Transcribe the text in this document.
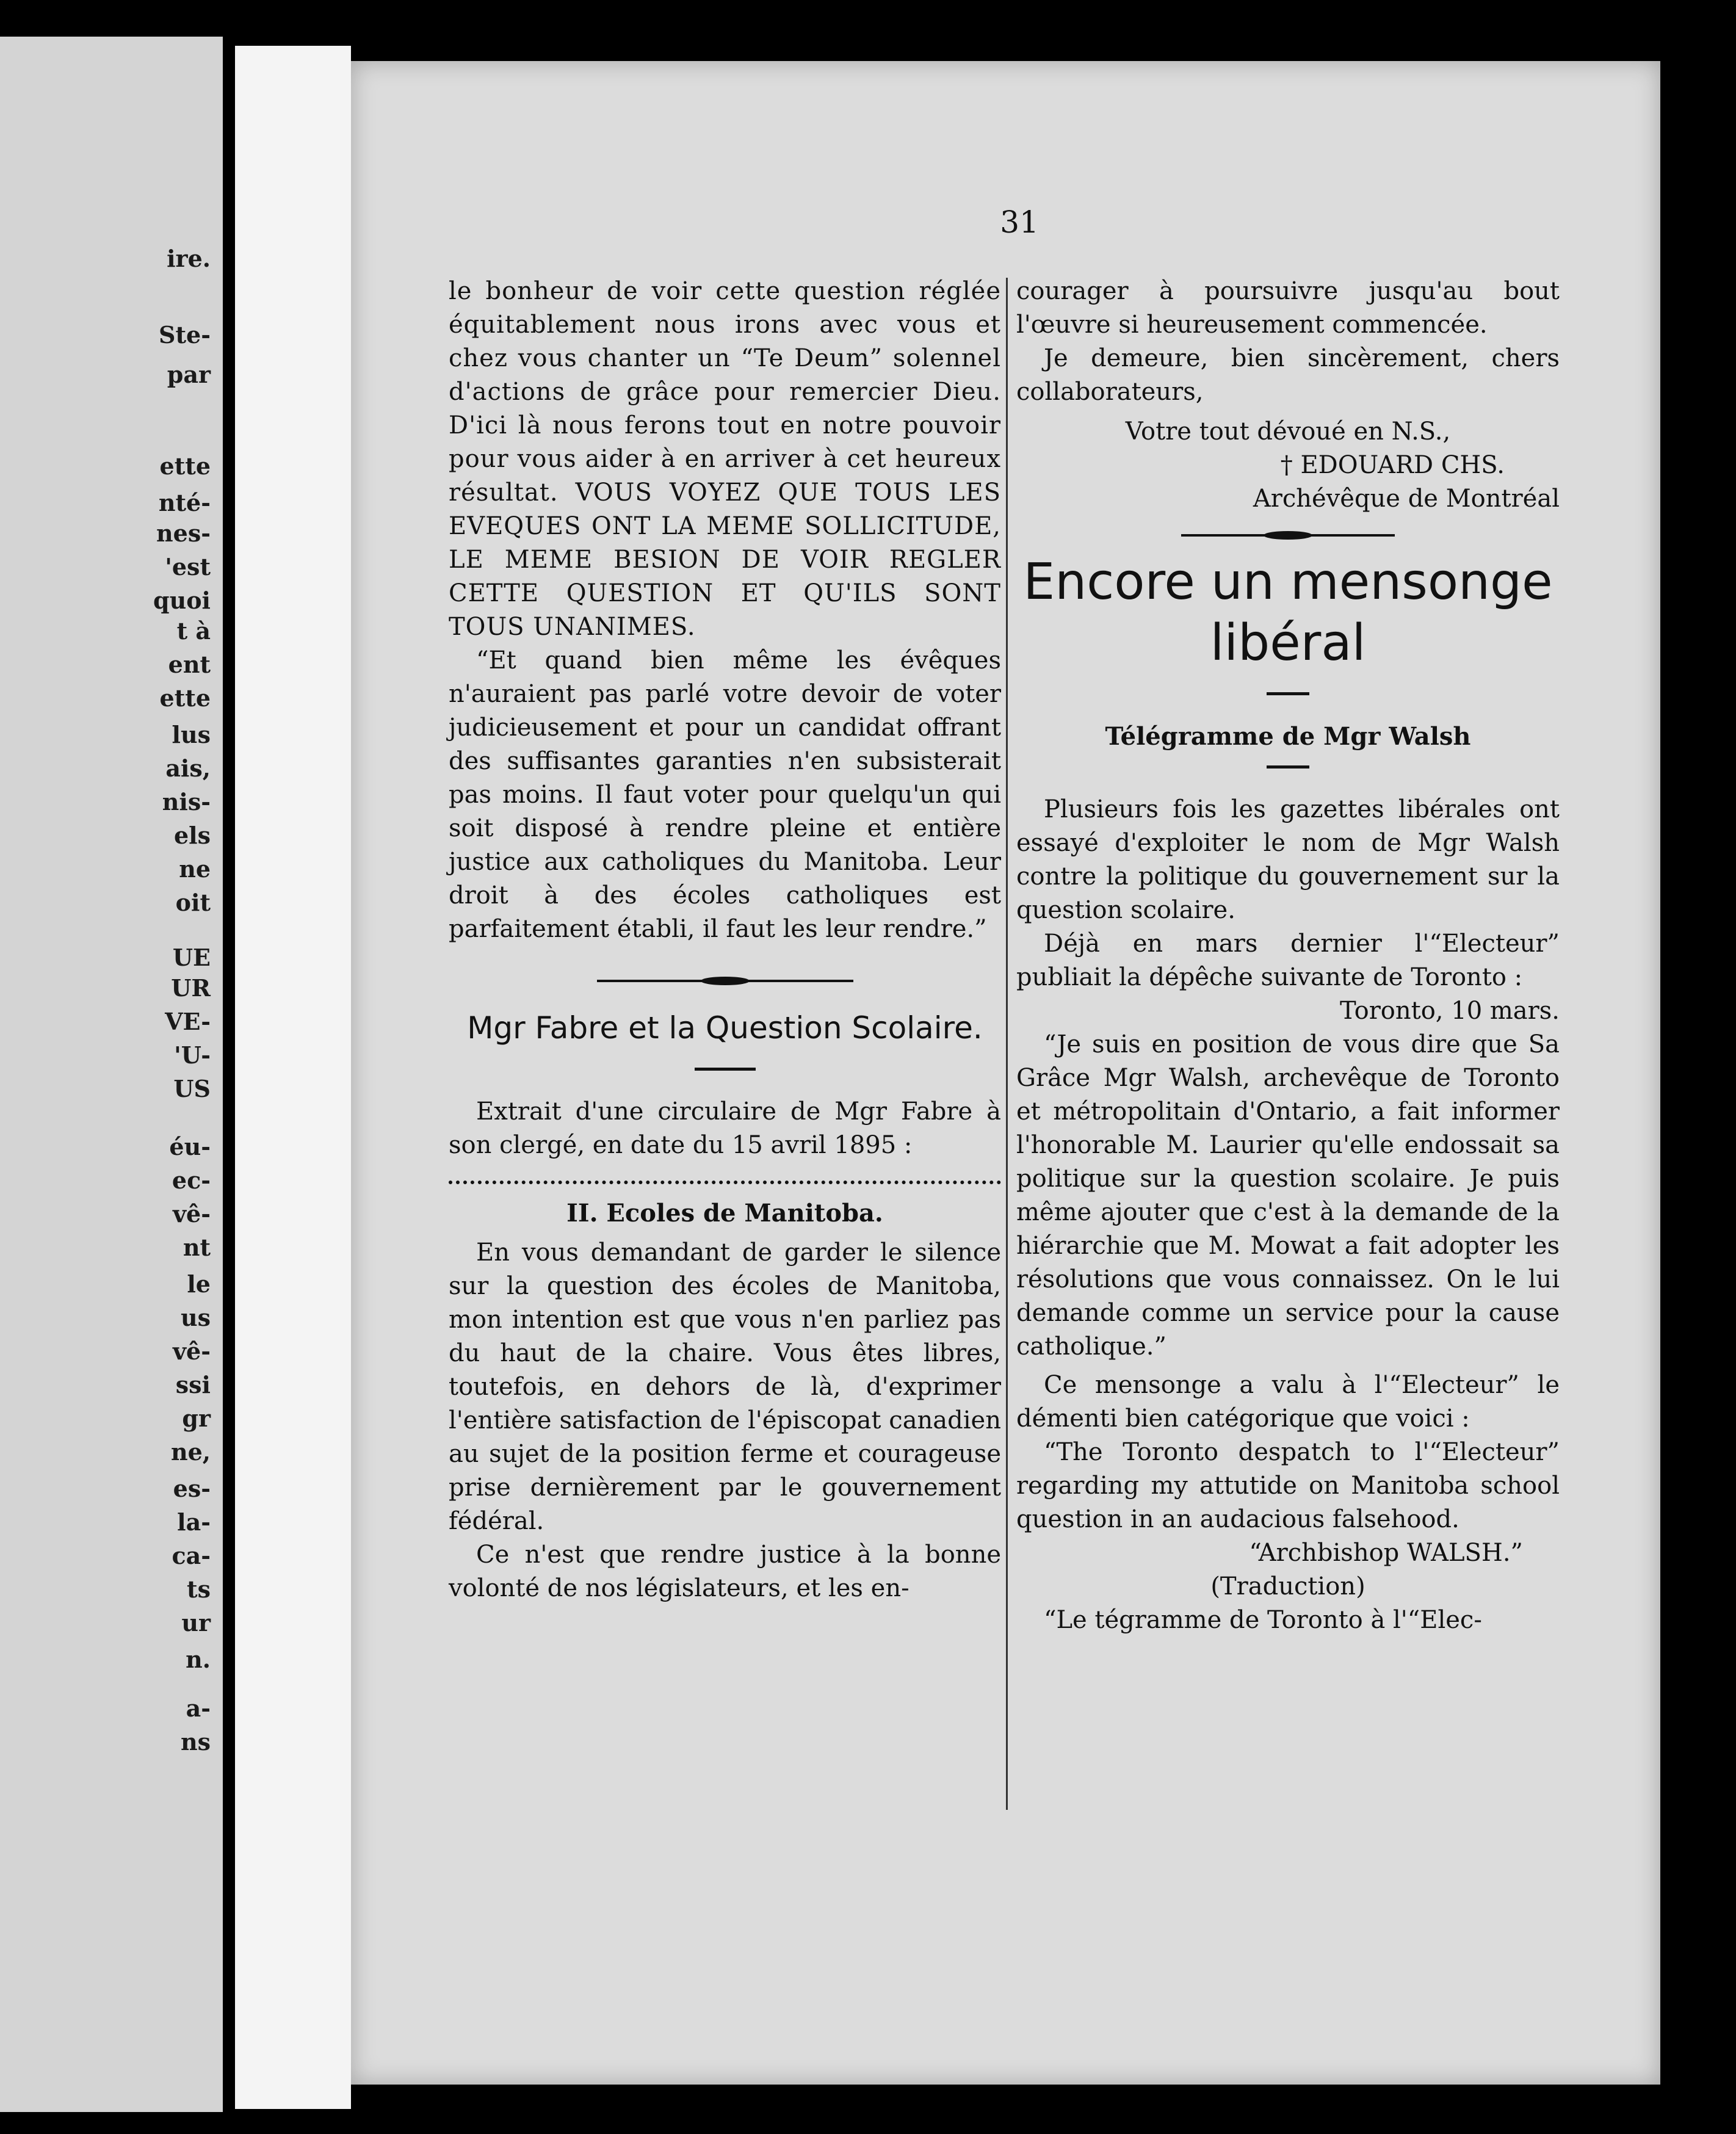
ire.
Ste-
par
ette
nté-
nes-
'est
quoi
t à
ent
ette
lus
ais,
nis-
els
ne
oit
UE
UR
VE-
'U-
US
éu-
ec-
vê-
nt
le
us
vê-
ssi
gr
ne,
es-
la-
ca-
ts
ur
n.
a-
ns
31

le bonheur de voir cette question réglée équitablement nous irons avec vous et chez vous chanter un “Te Deum” solennel d'actions de grâce pour remercier Dieu. D'ici là nous ferons tout en notre pouvoir pour vous aider à en arriver à cet heureux résultat. VOUS VOYEZ QUE TOUS LES EVEQUES ONT LA MEME SOLLICITUDE, LE MEME BESION DE VOIR REGLER CETTE QUESTION ET QU'ILS SONT TOUS UNANIMES.

“Et quand bien même les évêques n'auraient pas parlé votre devoir de voter judicieusement et pour un candidat offrant des suffisantes garanties n'en subsisterait pas moins. Il faut voter pour quelqu'un qui soit disposé à rendre pleine et entière justice aux catholiques du Manitoba. Leur droit à des écoles catholiques est parfaitement établi, il faut les leur rendre.”

Mgr Fabre et la Question Scolaire.

Extrait d'une circulaire de Mgr Fabre à son clergé, en date du 15 avril 1895 :

II. Ecoles de Manitoba.

En vous demandant de garder le silence sur la question des écoles de Manitoba, mon intention est que vous n'en parliez pas du haut de la chaire. Vous êtes libres, toutefois, en dehors de là, d'exprimer l'entière satisfaction de l'épiscopat canadien au sujet de la position ferme et courageuse prise dernièrement par le gouvernement fédéral.

Ce n'est que rendre justice à la bonne volonté de nos législateurs, et les en-

courager à poursuivre jusqu'au bout l'œuvre si heureusement commencée.

Je demeure, bien sincèrement, chers collaborateurs,

Votre tout dévoué en N.S.,

† EDOUARD CHS.

Archévêque de Montréal

Encore un mensonge libéral
Télégramme de Mgr Walsh

Plusieurs fois les gazettes libérales ont essayé d'exploiter le nom de Mgr Walsh contre la politique du gouvernement sur la question scolaire.

Déjà en mars dernier l'“Electeur” publiait la dépêche suivante de Toronto :

Toronto, 10 mars.

“Je suis en position de vous dire que Sa Grâce Mgr Walsh, archevêque de Toronto et métropolitain d'Ontario, a fait informer l'honorable M. Laurier qu'elle endossait sa politique sur la question scolaire. Je puis même ajouter que c'est à la demande de la hiérarchie que M. Mowat a fait adopter les résolutions que vous connaissez. On le lui demande comme un service pour la cause catholique.”

Ce mensonge a valu à l'“Electeur” le démenti bien catégorique que voici :

“The Toronto despatch to l'“Electeur” regarding my attutide on Manitoba school question in an audacious falsehood.

“Archbishop WALSH.”

(Traduction)

“Le tégramme de Toronto à l'“Elec-
